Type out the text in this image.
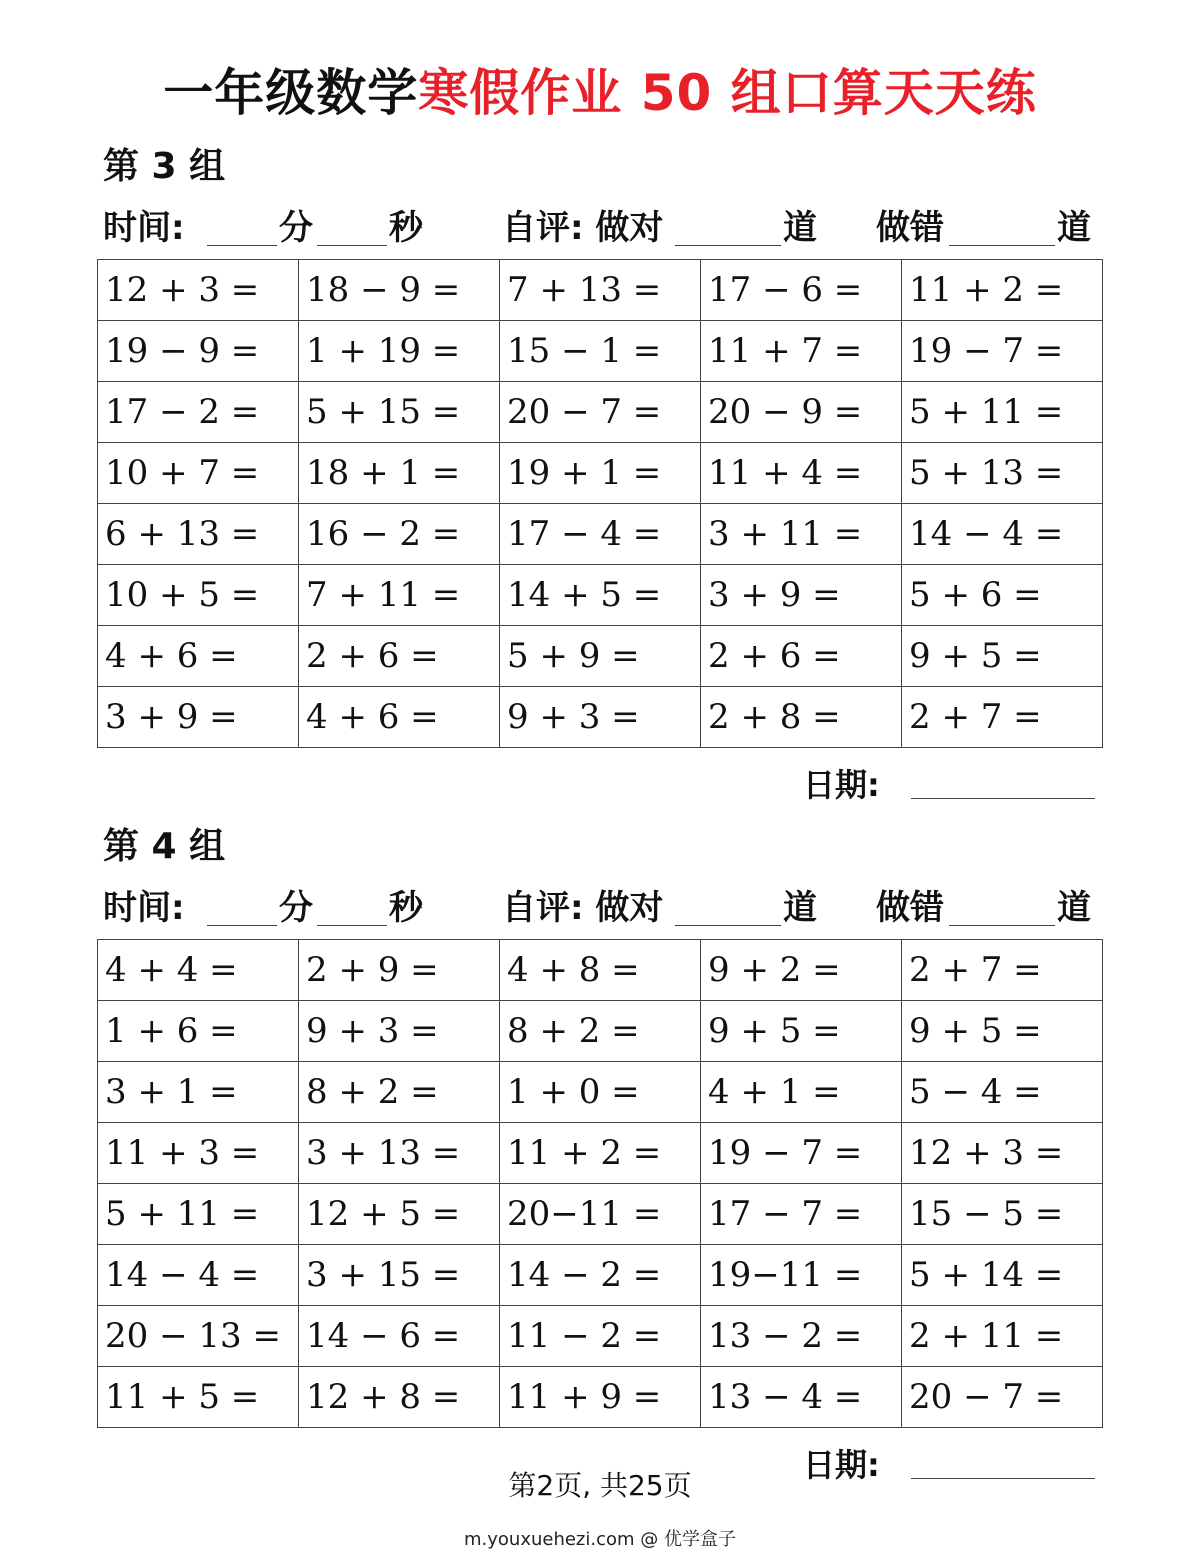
一年级数学寒假作业 50 组口算天天练
第 3 组
时间:	分 秒 自评: 做对	道 做错	道
12 + 3 =	18 − 9 =	7 + 13 =	17 − 6 =	11 + 2 =
19 − 9 =	1 + 19 =	15 − 1 =	11 + 7 =	19 − 7 =
17 − 2 =	5 + 15 =	20 − 7 =	20 − 9 =	5 + 11 =
10 + 7 =	18 + 1 =	19 + 1 =	11 + 4 =	5 + 13 =
6 + 13 =	16 − 2 =	17 − 4 =	3 + 11 =	14 − 4 =
10 + 5 =	7 + 11 =	14 + 5 =	3 + 9 =	5 + 6 =
4 + 6 =	2 + 6 =	5 + 9 =	2 + 6 =	9 + 5 =
3 + 9 =	4 + 6 =	9 + 3 =	2 + 8 =	2 + 7 =
日期:
第 4 组
时间:	分 秒 自评: 做对	道 做错	道
4 + 4 =	2 + 9 =	4 + 8 =	9 + 2 =	2 + 7 =
1 + 6 =	9 + 3 =	8 + 2 =	9 + 5 =	9 + 5 =
3 + 1 =	8 + 2 =	1 + 0 =	4 + 1 =	5 − 4 =
11 + 3 =	3 + 13 =	11 + 2 =	19 − 7 =	12 + 3 =
5 + 11 =	12 + 5 =	20−11 =	17 − 7 =	15 − 5 =
14 − 4 =	3 + 15 =	14 − 2 =	19−11 =	5 + 14 =
20 − 13 =	14 − 6 =	11 − 2 =	13 − 2 =	2 + 11 =
11 + 5 =	12 + 8 =	11 + 9 =	13 − 4 =	20 − 7 =
日期:
第2页, 共25页
m.youxuehezi.com @ 优学盒子
